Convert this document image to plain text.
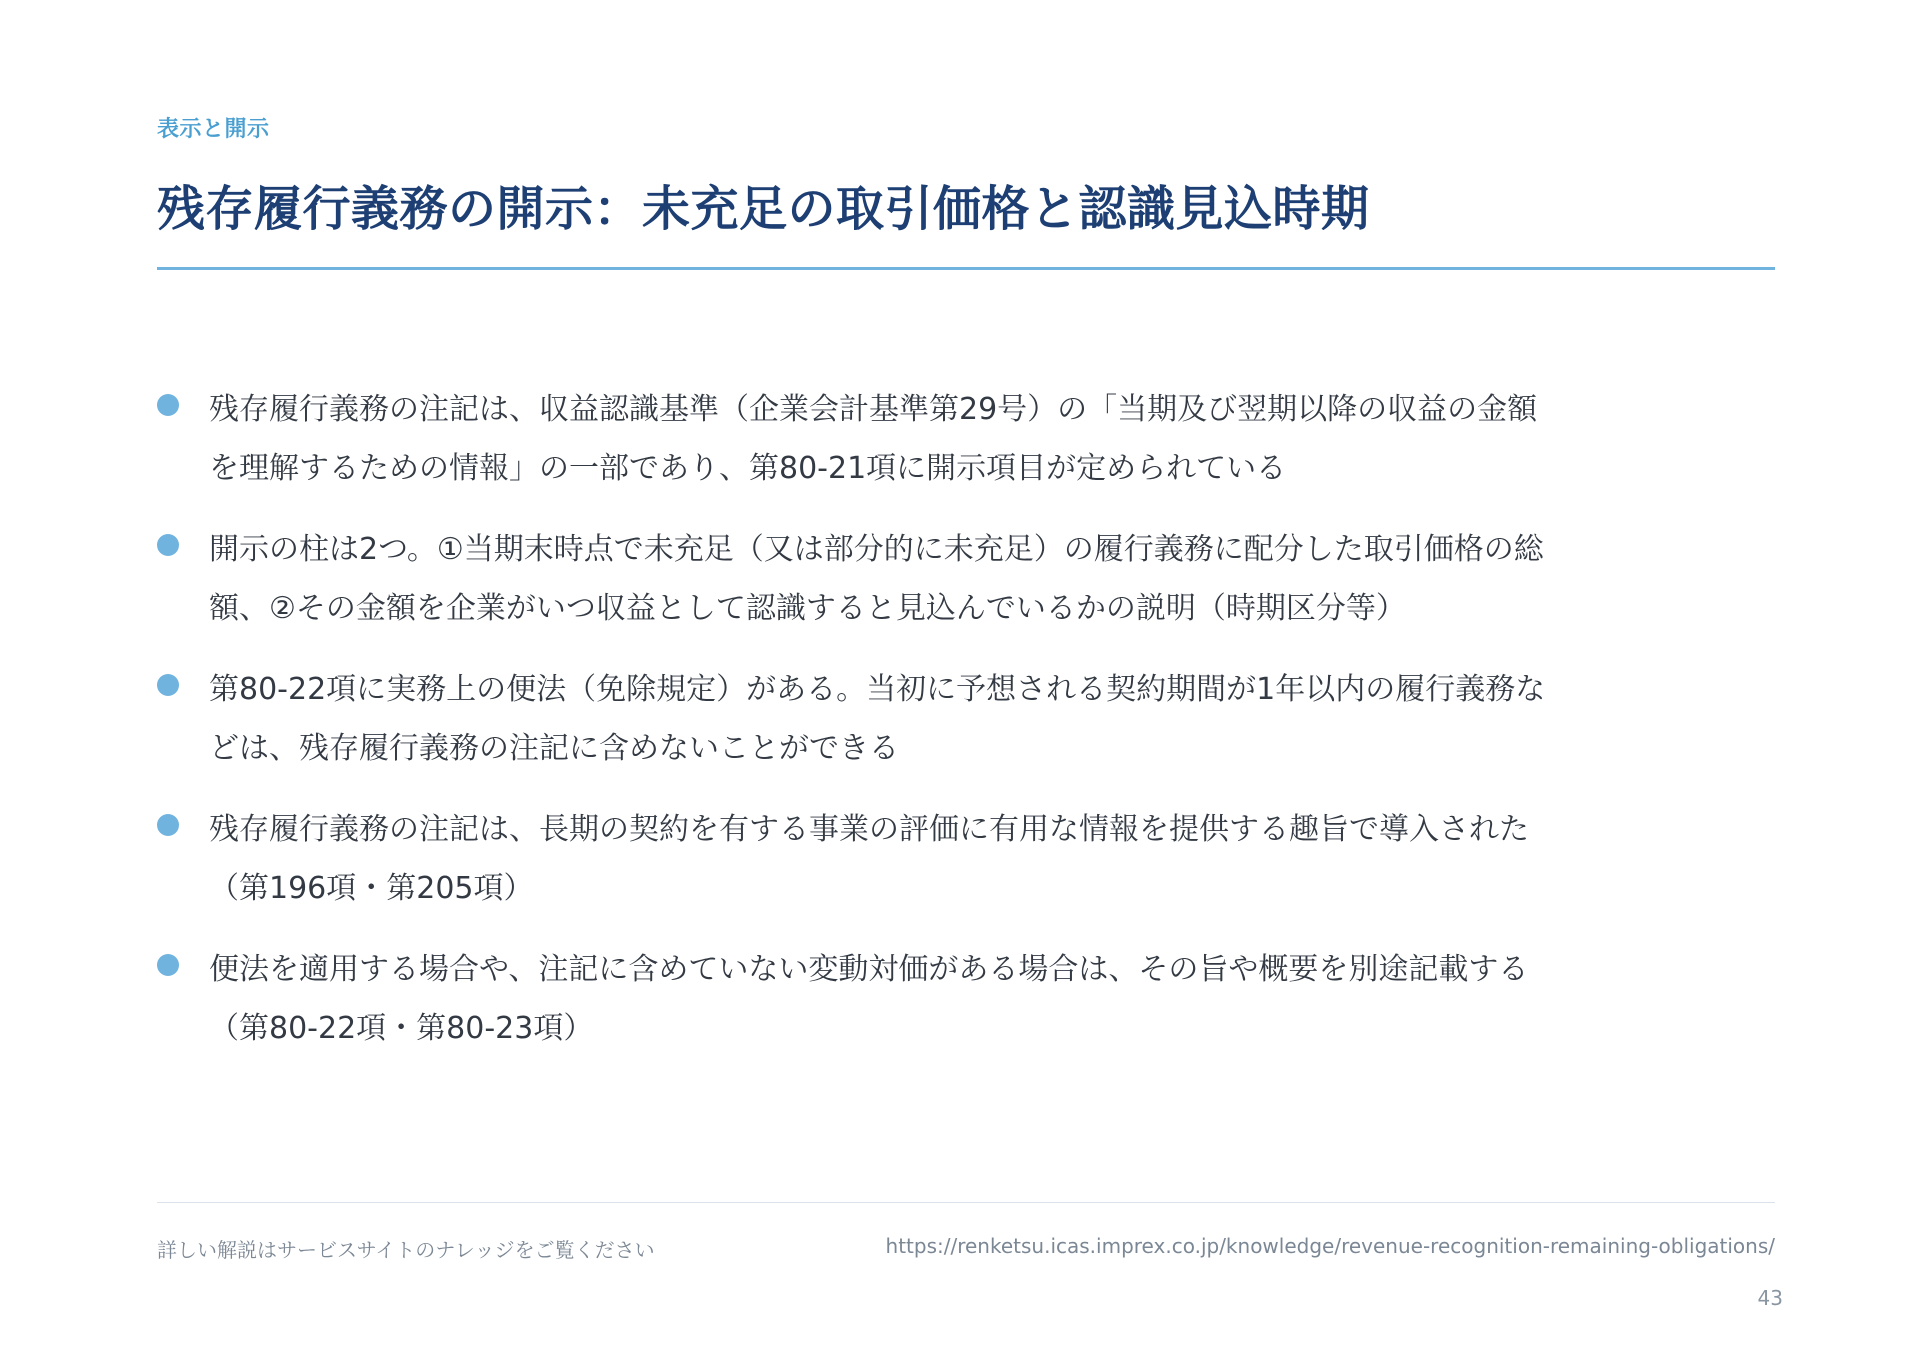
表示と開示
残存履行義務の開示：未充足の取引価格と認識見込時期
残存履行義務の注記は、収益認識基準（企業会計基準第29号）の「当期及び翌期以降の収益の金額を理解するための情報」の一部であり、第80-21項に開示項目が定められている
開示の柱は2つ。①当期末時点で未充足（又は部分的に未充足）の履行義務に配分した取引価格の総額、②その金額を企業がいつ収益として認識すると見込んでいるかの説明（時期区分等）
第80-22項に実務上の便法（免除規定）がある。当初に予想される契約期間が1年以内の履行義務などは、残存履行義務の注記に含めないことができる
残存履行義務の注記は、長期の契約を有する事業の評価に有用な情報を提供する趣旨で導入された（第196項・第205項）
便法を適用する場合や、注記に含めていない変動対価がある場合は、その旨や概要を別途記載する（第80-22項・第80-23項）
詳しい解説はサービスサイトのナレッジをご覧ください	https://renketsu.icas.imprex.co.jp/knowledge/revenue-recognition-remaining-obligations/
43
